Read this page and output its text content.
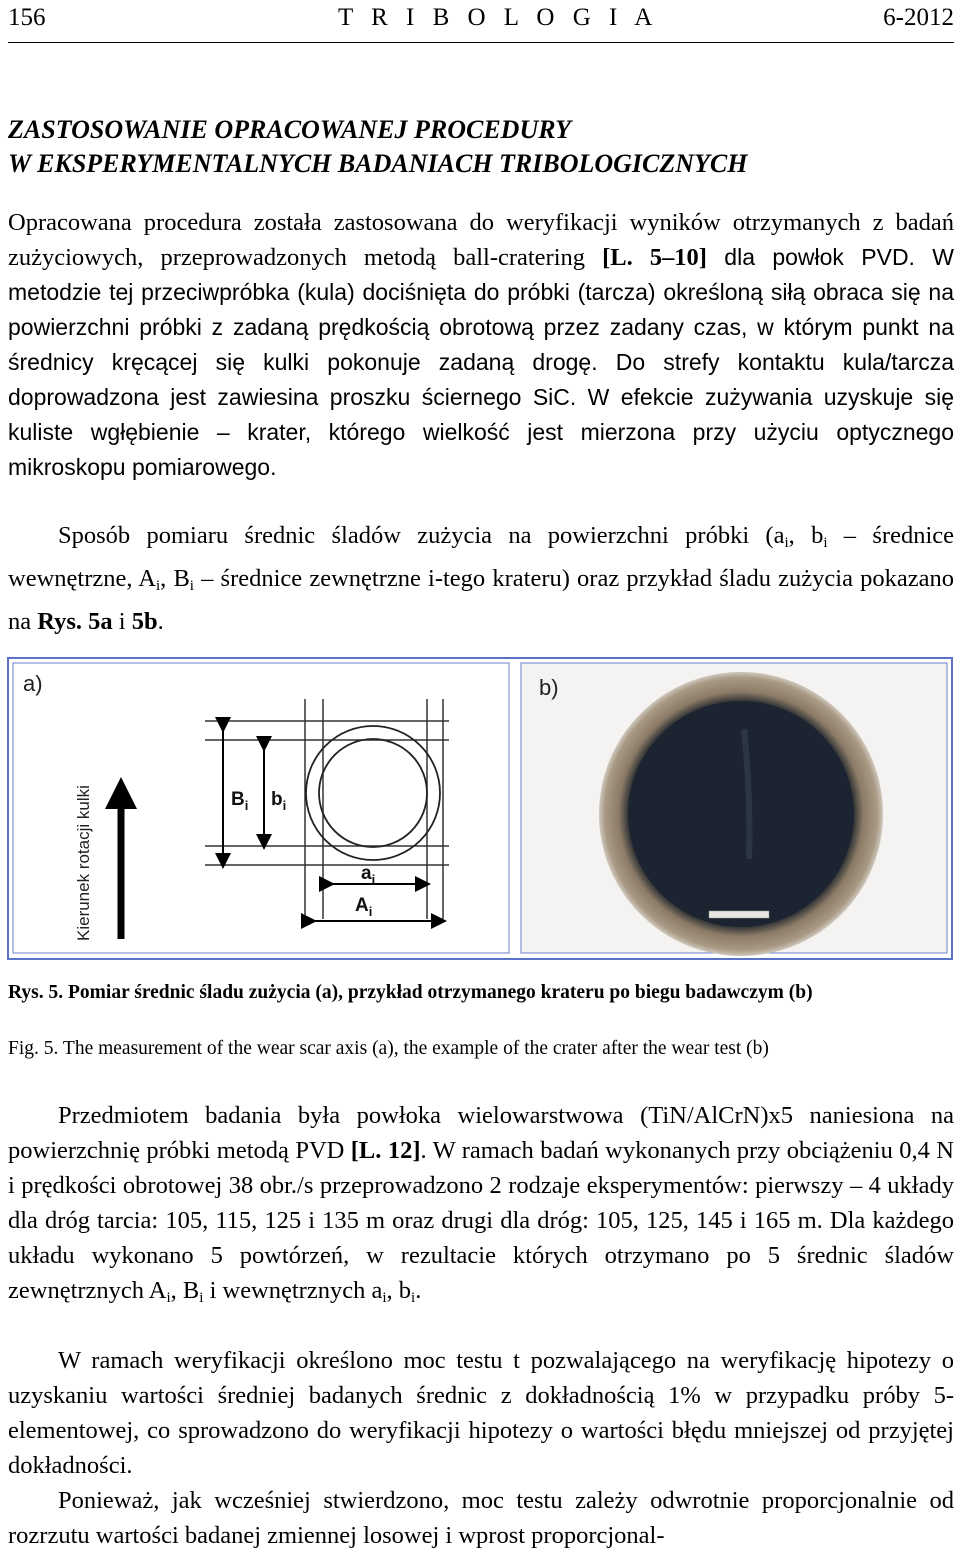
156	T R I B O L O G I A	6-2012
ZASTOSOWANIE OPRACOWANEJ PROCEDURY
W EKSPERYMENTALNYCH BADANIACH TRIBOLOGICZNYCH

Opracowana procedura została zastosowana do weryfikacji wyników otrzymanych z badań zużyciowych, przeprowadzonych metodą ball-cratering [L. 5–10] dla powłok PVD. W metodzie tej przeciwpróbka (kula) dociśnięta do próbki (tarcza) określoną siłą obraca się na powierzchni próbki z zadaną prędkością obrotową przez zadany czas, w którym punkt na średnicy kręcącej się kulki pokonuje zadaną drogę. Do strefy kontaktu kula/tarcza doprowadzona jest zawiesina proszku ściernego SiC. W efekcie zużywania uzyskuje się kuliste wgłębienie – krater, którego wielkość jest mierzona przy użyciu optycznego mikroskopu pomiarowego.

Sposób pomiaru średnic śladów zużycia na powierzchni próbki ($a_i$, $b_i$ – średnice wewnętrzne, $A_i$, $B_i$ – średnice zewnętrzne i-tego krateru) oraz przykład śladu zużycia pokazano na Rys. 5a i 5b.

a)
Kierunek rotacji kulki	$B_i$ $b_i$
$a_i$
$A_i$
b)
Rys. 5. Pomiar średnic śladu zużycia (a), przykład otrzymanego krateru po biegu badawczym (b)
Fig. 5. The measurement of the wear scar axis (a), the example of the crater after the wear test (b)

Przedmiotem badania była powłoka wielowarstwowa (TiN/AlCrN)x5 naniesiona na powierzchnię próbki metodą PVD [L. 12]. W ramach badań wykonanych przy obciążeniu 0,4 N i prędkości obrotowej 38 obr./s przeprowadzono 2 rodzaje eksperymentów: pierwszy – 4 układy dla dróg tarcia: 105, 115, 125 i 135 m oraz drugi dla dróg: 105, 125, 145 i 165 m. Dla każdego układu wykonano 5 powtórzeń, w rezultacie których otrzymano po 5 średnic śladów zewnętrznych $A_i$, $B_i$ i wewnętrznych $a_i$, $b_i$.

W ramach weryfikacji określono moc testu t pozwalającego na weryfikację hipotezy o uzyskaniu wartości średniej badanych średnic z dokładnością 1% w przypadku próby 5-elementowej, co sprowadzono do weryfikacji hipotezy o wartości błędu mniejszej od przyjętej dokładności.

Ponieważ, jak wcześniej stwierdzono, moc testu zależy odwrotnie proporcjonalnie od rozrzutu wartości badanej zmiennej losowej i wprost proporcjonal-
